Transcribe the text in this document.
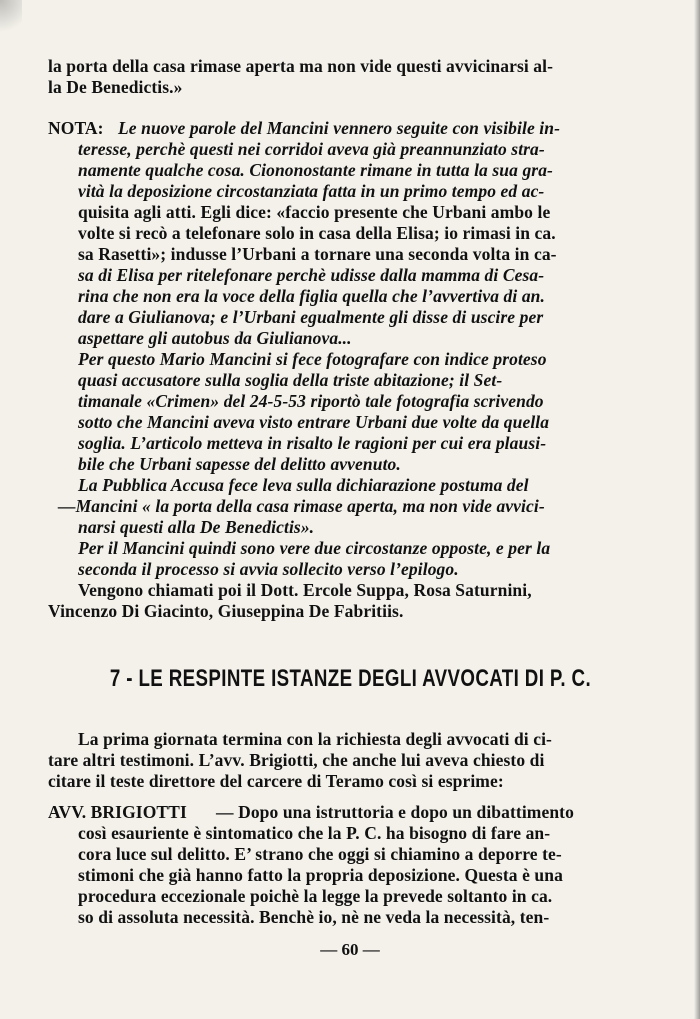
la porta della casa rimase aperta ma non vide questi avvicinarsi al-
la De Benedictis.»
NOTA: Le nuove parole del Mancini vennero seguite con visibile in-
teresse, perchè questi nei corridoi aveva già preannunziato stra-
namente qualche cosa. Ciononostante rimane in tutta la sua gra-
vità la deposizione circostanziata fatta in un primo tempo ed ac-
quisita agli atti. Egli dice: «faccio presente che Urbani ambo le
volte si recò a telefonare solo in casa della Elisa; io rimasi in ca.
sa Rasetti»; indusse l’Urbani a tornare una seconda volta in ca-
sa di Elisa per ritelefonare perchè udisse dalla mamma di Cesa-
rina che non era la voce della figlia quella che l’avvertiva di an.
dare a Giulianova; e l’Urbani egualmente gli disse di uscire per
aspettare gli autobus da Giulianova...
Per questo Mario Mancini si fece fotografare con indice proteso
quasi accusatore sulla soglia della triste abitazione; il Set-
timanale «Crimen» del 24-5-53 riportò tale fotografia scrivendo
sotto che Mancini aveva visto entrare Urbani due volte da quella
soglia. L’articolo metteva in risalto le ragioni per cui era plausi-
bile che Urbani sapesse del delitto avvenuto.
La Pubblica Accusa fece leva sulla dichiarazione postuma del
—Mancini « la porta della casa rimase aperta, ma non vide avvici-
narsi questi alla De Benedictis».
Per il Mancini quindi sono vere due circostanze opposte, e per la
seconda il processo si avvia sollecito verso l’epilogo.
Vengono chiamati poi il Dott. Ercole Suppa, Rosa Saturnini,
Vincenzo Di Giacinto, Giuseppina De Fabritiis.
7 - LE RESPINTE ISTANZE DEGLI AVVOCATI DI P. C.
La prima giornata termina con la richiesta degli avvocati di ci-
tare altri testimoni. L’avv. Brigiotti, che anche lui aveva chiesto di
citare il teste direttore del carcere di Teramo così si esprime:
AVV. BRIGIOTTI — Dopo una istruttoria e dopo un dibattimento
così esauriente è sintomatico che la P. C. ha bisogno di fare an-
cora luce sul delitto. E’ strano che oggi si chiamino a deporre te-
stimoni che già hanno fatto la propria deposizione. Questa è una
procedura eccezionale poichè la legge la prevede soltanto in ca.
so di assoluta necessità. Benchè io, nè ne veda la necessità, ten-
— 60 —
